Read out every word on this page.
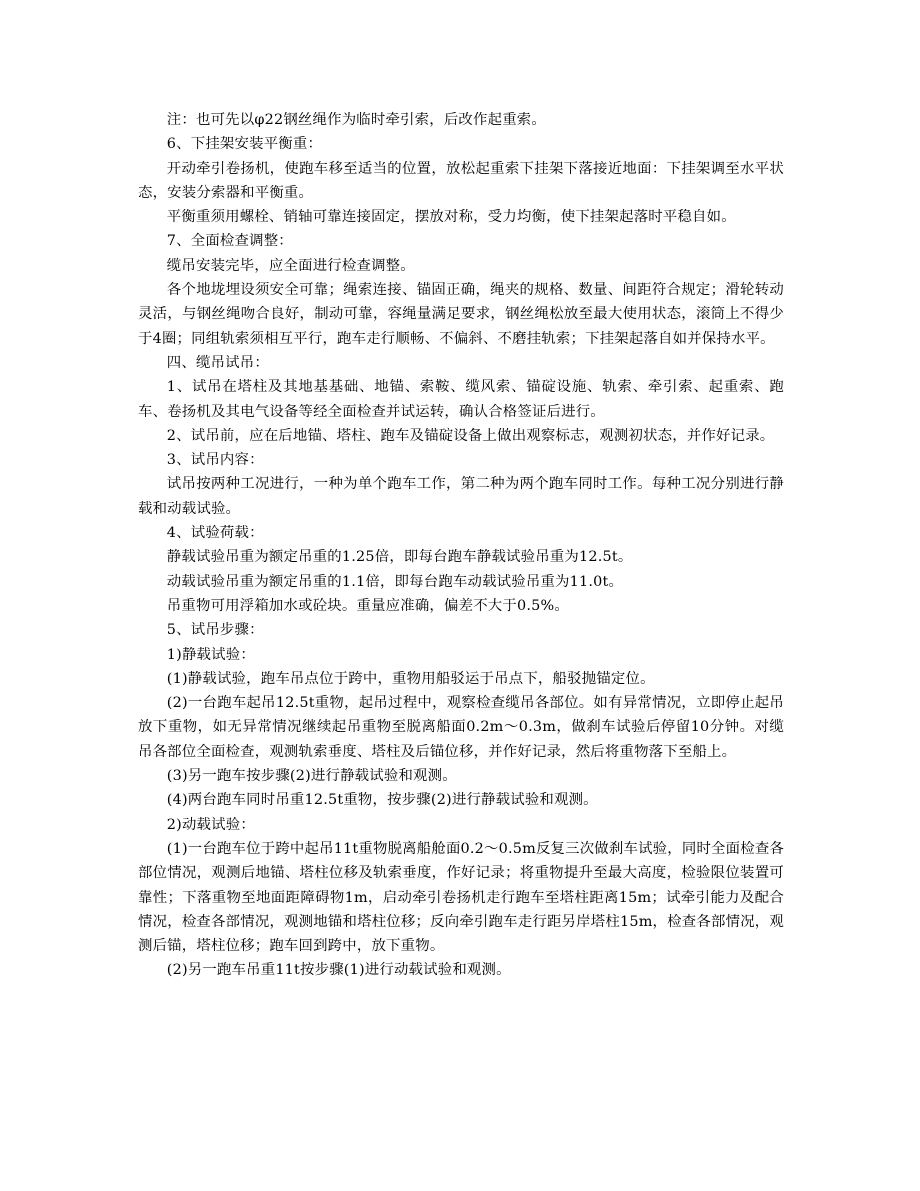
注：也可先以φ22钢丝绳作为临时牵引索，后改作起重索。

6、下挂架安装平衡重：

开动牵引卷扬机，使跑车移至适当的位置，放松起重索下挂架下落接近地面：下挂架调至水平状态，安装分索器和平衡重。

平衡重须用螺栓、销轴可靠连接固定，摆放对称，受力均衡，使下挂架起落时平稳自如。

7、全面检查调整：

缆吊安装完毕，应全面进行检查调整。

各个地垅埋设须安全可靠；绳索连接、锚固正确，绳夹的规格、数量、间距符合规定；滑轮转动灵活，与钢丝绳吻合良好，制动可靠，容绳量满足要求，钢丝绳松放至最大使用状态，滚筒上不得少于4圈；同组轨索须相互平行，跑车走行顺畅、不偏斜、不磨挂轨索；下挂架起落自如并保持水平。

四、缆吊试吊：

1、试吊在塔柱及其地基基础、地锚、索鞍、缆风索、锚碇设施、轨索、牵引索、起重索、跑车、卷扬机及其电气设备等经全面检查并试运转，确认合格签证后进行。

2、试吊前，应在后地锚、塔柱、跑车及锚碇设备上做出观察标志，观测初状态，并作好记录。

3、试吊内容：

试吊按两种工况进行，一种为单个跑车工作，第二种为两个跑车同时工作。每种工况分别进行静载和动载试验。

4、试验荷载：

静载试验吊重为额定吊重的1.25倍，即每台跑车静载试验吊重为12.5t。

动载试验吊重为额定吊重的1.1倍，即每台跑车动载试验吊重为11.0t。

吊重物可用浮箱加水或砼块。重量应准确，偏差不大于0.5%。

5、试吊步骤：

1)静载试验：

(1)静载试验，跑车吊点位于跨中，重物用船驳运于吊点下，船驳抛锚定位。

(2)一台跑车起吊12.5t重物，起吊过程中，观察检查缆吊各部位。如有异常情况，立即停止起吊放下重物，如无异常情况继续起吊重物至脱离船面0.2m～0.3m，做刹车试验后停留10分钟。对缆吊各部位全面检查，观测轨索垂度、塔柱及后锚位移，并作好记录，然后将重物落下至船上。

(3)另一跑车按步骤(2)进行静载试验和观测。

(4)两台跑车同时吊重12.5t重物，按步骤(2)进行静载试验和观测。

2)动载试验：

(1)一台跑车位于跨中起吊11t重物脱离船舱面0.2～0.5m反复三次做刹车试验，同时全面检查各部位情况，观测后地锚、塔柱位移及轨索垂度，作好记录；将重物提升至最大高度，检验限位装置可靠性；下落重物至地面距障碍物1m，启动牵引卷扬机走行跑车至塔柱距离15m；试牵引能力及配合情况，检查各部情况，观测地锚和塔柱位移；反向牵引跑车走行距另岸塔柱15m，检查各部情况，观测后锚，塔柱位移；跑车回到跨中，放下重物。

(2)另一跑车吊重11t按步骤(1)进行动载试验和观测。
